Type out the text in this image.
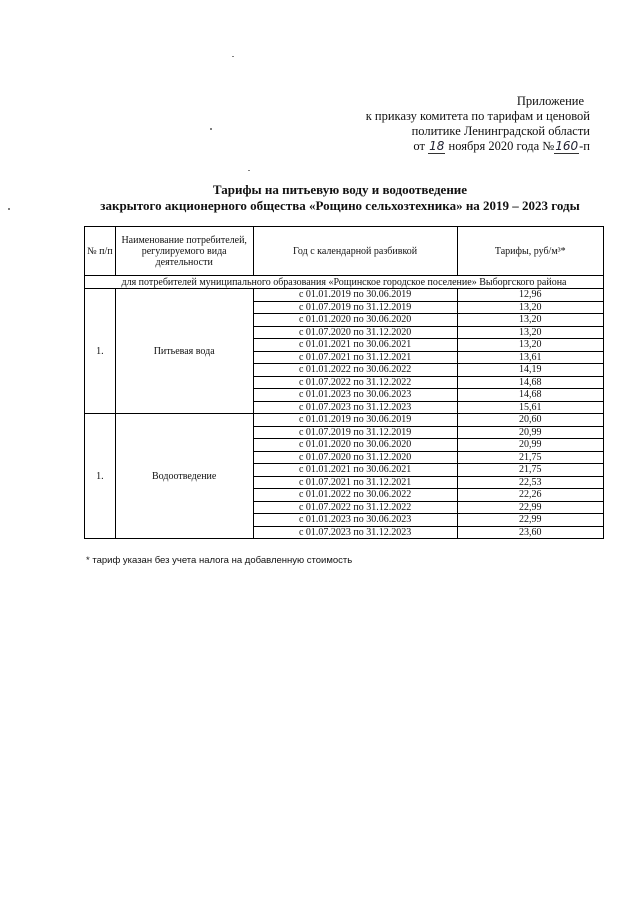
Приложение
к приказу комитета по тарифам и ценовой
политике Ленинградской области
от 18 ноября 2020 года №160-п
Тарифы на питьевую воду и водоотведение
закрытого акционерного общества «Рощино сельхозтехника» на 2019 – 2023 годы
№ п/п	Наименование потребителей, регулируемого вида деятельности	Год с календарной разбивкой	Тарифы, руб/м³*
для потребителей муниципального образования «Рощинское городское поселение» Выборгского района			
1.	Питьевая вода	с 01.01.2019 по 30.06.2019	12,96
		с 01.07.2019 по 31.12.2019	13,20
		с 01.01.2020 по 30.06.2020	13,20
		с 01.07.2020 по 31.12.2020	13,20
		с 01.01.2021 по 30.06.2021	13,20
		с 01.07.2021 по 31.12.2021	13,61
		с 01.01.2022 по 30.06.2022	14,19
		с 01.07.2022 по 31.12.2022	14,68
		с 01.01.2023 по 30.06.2023	14,68
		с 01.07.2023 по 31.12.2023	15,61
1.	Водоотведение	с 01.01.2019 по 30.06.2019	20,60
		с 01.07.2019 по 31.12.2019	20,99
		с 01.01.2020 по 30.06.2020	20,99
		с 01.07.2020 по 31.12.2020	21,75
		с 01.01.2021 по 30.06.2021	21,75
		с 01.07.2021 по 31.12.2021	22,53
		с 01.01.2022 по 30.06.2022	22,26
		с 01.07.2022 по 31.12.2022	22,99
		с 01.01.2023 по 30.06.2023	22,99
		с 01.07.2023 по 31.12.2023	23,60
* тариф указан без учета налога на добавленную стоимость
